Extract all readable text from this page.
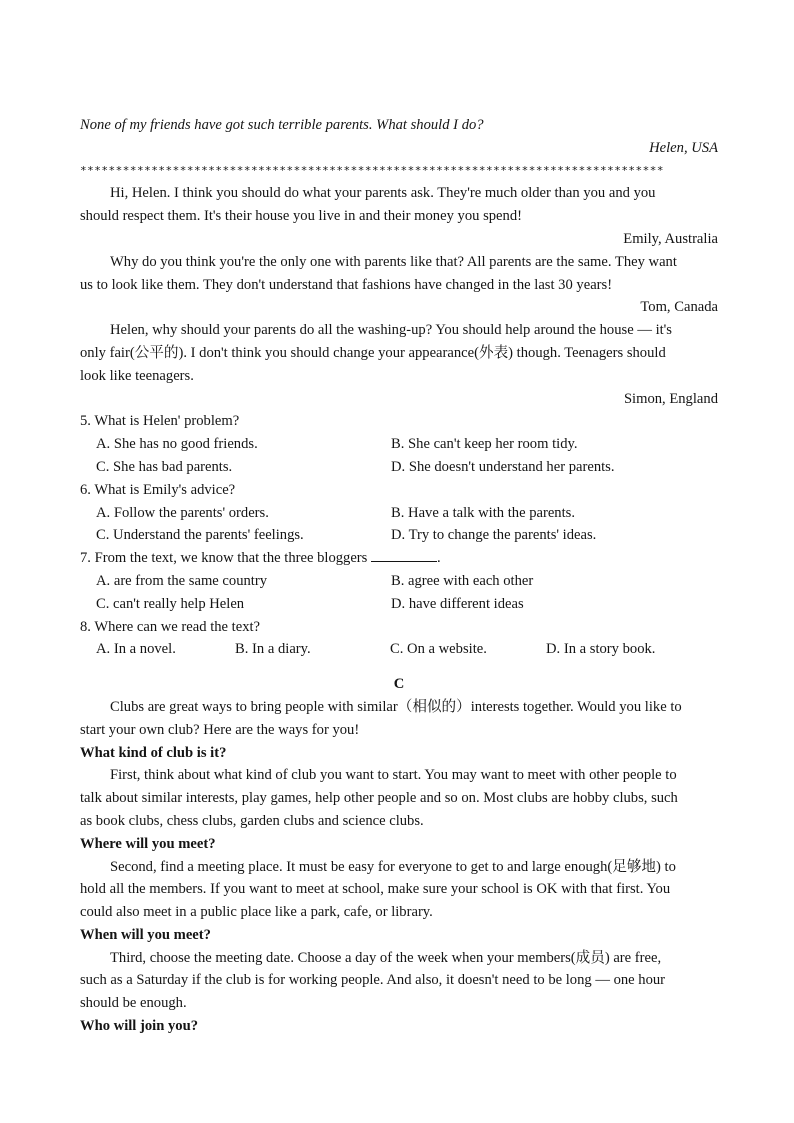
None of my friends have got such terrible parents. What should I do?
Helen, USA
**********************************************************************************
Hi, Helen. I think you should do what your parents ask. They're much older than you and you
should respect them. It's their house you live in and their money you spend!
Emily, Australia
Why do you think you're the only one with parents like that? All parents are the same. They want
us to look like them. They don't understand that fashions have changed in the last 30 years!
Tom, Canada
Helen, why should your parents do all the washing-up? You should help around the house — it's
only fair(公平的). I don't think you should change your appearance(外表) though. Teenagers should
look like teenagers.
Simon, England
5. What is Helen' problem?
A. She has no good friends.	B. She can't keep her room tidy.
C. She has bad parents.	D. She doesn't understand her parents.
6. What is Emily's advice?
A. Follow the parents' orders.	B. Have a talk with the parents.
C. Understand the parents' feelings.	D. Try to change the parents' ideas.
7. From the text, we know that the three bloggers	.
A. are from the same country	B. agree with each other
C. can't really help Helen	D. have different ideas
8. Where can we read the text?
A. In a novel.	B. In a diary.	C. On a website.	D. In a story book.
C
Clubs are great ways to bring people with similar（相似的）interests together. Would you like to
start your own club? Here are the ways for you!
What kind of club is it?
First, think about what kind of club you want to start. You may want to meet with other people to
talk about similar interests, play games, help other people and so on. Most clubs are hobby clubs, such
as book clubs, chess clubs, garden clubs and science clubs.
Where will you meet?
Second, find a meeting place. It must be easy for everyone to get to and large enough(足够地) to
hold all the members. If you want to meet at school, make sure your school is OK with that first. You
could also meet in a public place like a park, cafe, or library.
When will you meet?
Third, choose the meeting date. Choose a day of the week when your members(成员) are free,
such as a Saturday if the club is for working people. And also, it doesn't need to be long — one hour
should be enough.
Who will join you?
